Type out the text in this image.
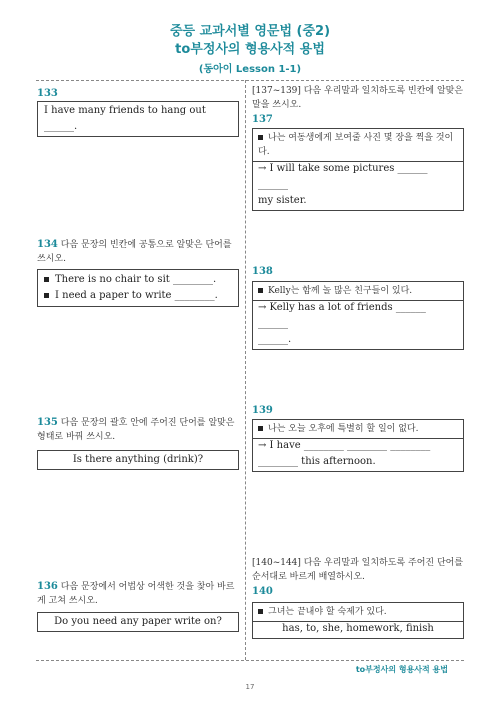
중등 교과서별 영문법 (중2)
to부정사의 형용사적 용법
(동아이 Lesson 1-1)
133
I have many friends to hang out ______.
134 다음 문장의 빈칸에 공통으로 알맞은 단어를 쓰시오.
There is no chair to sit ________.
I need a paper to write ________.
135 다음 문장의 괄호 안에 주어진 단어를 알맞은 형태로 바꿔 쓰시오.
Is there anything (drink)?
136 다음 문장에서 어법상 어색한 것을 찾아 바르게 고쳐 쓰시오.
Do you need any paper write on?
[137~139] 다음 우리말과 일치하도록 빈칸에 알맞은 말을 쓰시오.
137
나는 여동생에게 보여줄 사진 몇 장을 찍을 것이다.
→ I will take some pictures ______ ______
my sister.
138
Kelly는 함께 놀 많은 친구들이 있다.
→ Kelly has a lot of friends ______ ______
______.
139
나는 오늘 오후에 특별히 할 일이 없다.
→ I have ________ ________ ________
________ this afternoon.
[140~144] 다음 우리말과 일치하도록 주어진 단어를 순서대로 바르게 배열하시오.
140
그녀는 끝내야 할 숙제가 있다.
has, to, she, homework, finish
to부정사의 형용사적 용법
17
